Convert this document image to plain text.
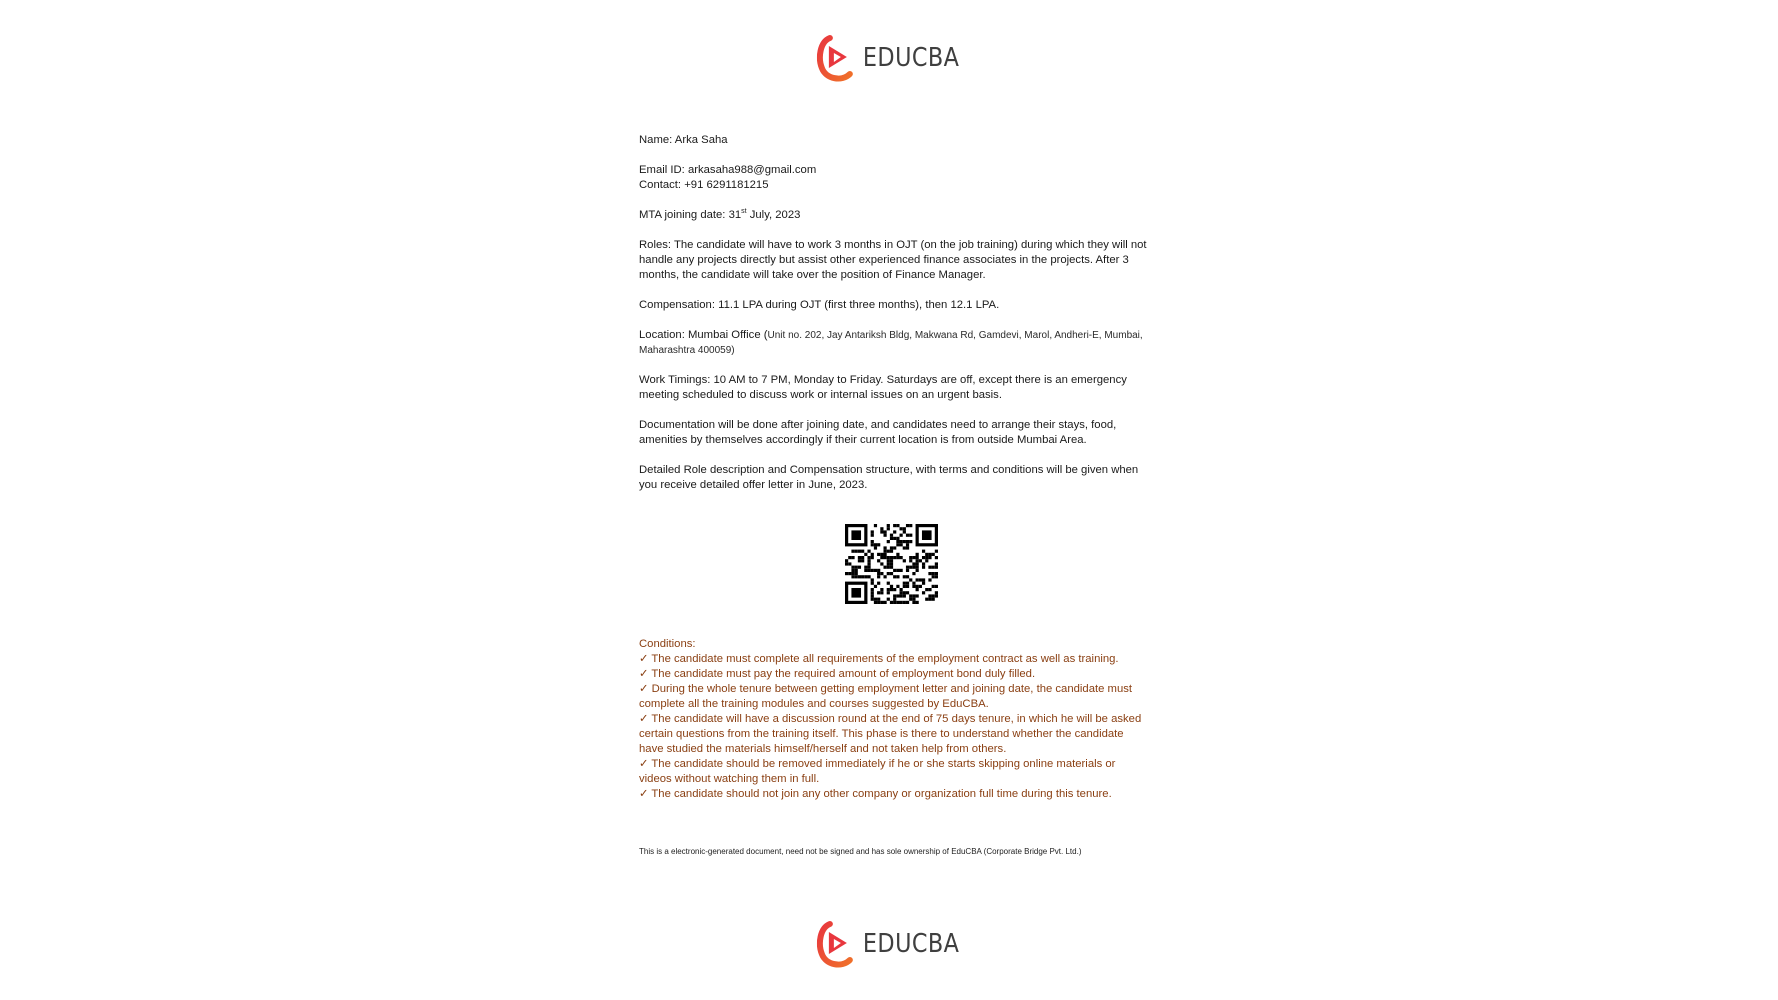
EDUCBA

Name: Arka Saha

Email ID: arkasaha988@gmail.com

Contact: +91 6291181215

MTA joining date: 31st July, 2023

Roles: The candidate will have to work 3 months in OJT (on the job training) during which they will not handle any projects directly but assist other experienced finance associates in the projects. After 3 months, the candidate will take over the position of Finance Manager.

Compensation: 11.1 LPA during OJT (first three months), then 12.1 LPA.

Location: Mumbai Office (Unit no. 202, Jay Antariksh Bldg, Makwana Rd, Gamdevi, Marol, Andheri-E, Mumbai, Maharashtra 400059)

Work Timings: 10 AM to 7 PM, Monday to Friday. Saturdays are off, except there is an emergency meeting scheduled to discuss work or internal issues on an urgent basis.

Documentation will be done after joining date, and candidates need to arrange their stays, food, amenities by themselves accordingly if their current location is from outside Mumbai Area.

Detailed Role description and Compensation structure, with terms and conditions will be given when you receive detailed offer letter in June, 2023.

Conditions:

✓ The candidate must complete all requirements of the employment contract as well as training.

✓ The candidate must pay the required amount of employment bond duly filled.

✓ During the whole tenure between getting employment letter and joining date, the candidate must complete all the training modules and courses suggested by EduCBA.

✓ The candidate will have a discussion round at the end of 75 days tenure, in which he will be asked certain questions from the training itself. This phase is there to understand whether the candidate have studied the materials himself/herself and not taken help from others.

✓ The candidate should be removed immediately if he or she starts skipping online materials or videos without watching them in full.

✓ The candidate should not join any other company or organization full time during this tenure.

This is a electronic-generated document, need not be signed and has sole ownership of EduCBA (Corporate Bridge Pvt. Ltd.)
EDUCBA
